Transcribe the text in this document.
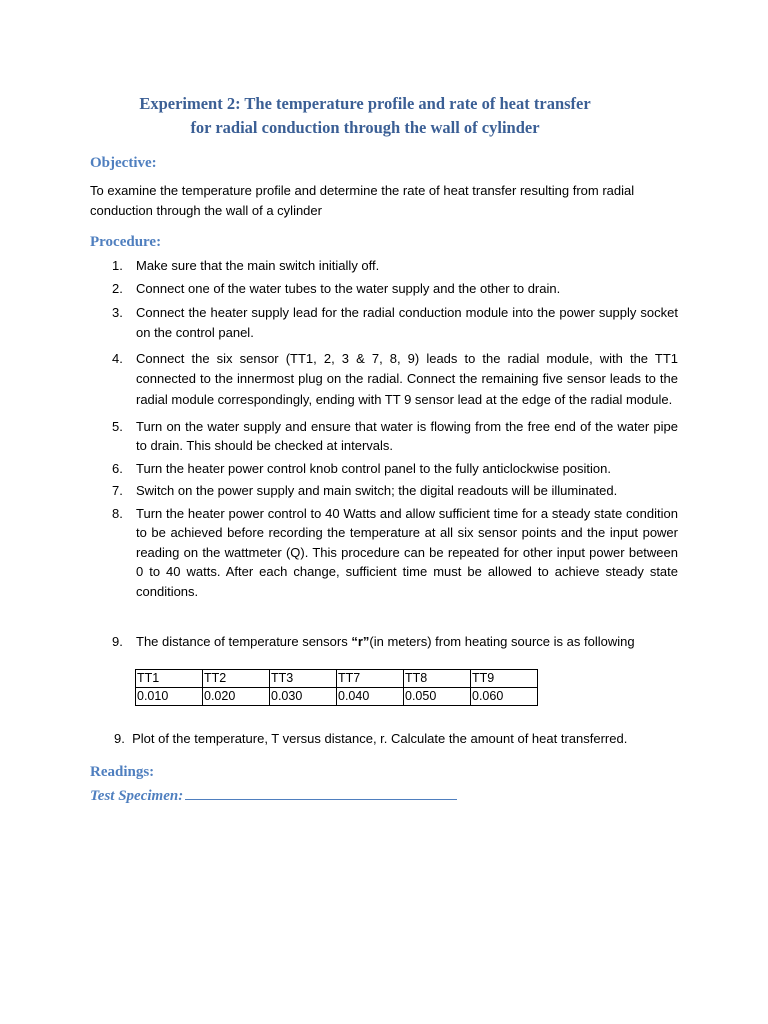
Experiment 2: The temperature profile and rate of heat transfer
for radial conduction through the wall of cylinder
Objective:
To examine the temperature profile and determine the rate of heat transfer resulting from radial conduction through the wall of a cylinder
Procedure:
1. Make sure that the main switch initially off.
2. Connect one of the water tubes to the water supply and the other to drain.
3. Connect the heater supply lead for the radial conduction module into the power supply socket on the control panel.
4. Connect the six sensor (TT1, 2, 3 & 7, 8, 9) leads to the radial module, with the TT1 connected to the innermost plug on the radial. Connect the remaining five sensor leads to the radial module correspondingly, ending with TT 9 sensor lead at the edge of the radial module.
5. Turn on the water supply and ensure that water is flowing from the free end of the water pipe to drain. This should be checked at intervals.
6. Turn the heater power control knob control panel to the fully anticlockwise position.
7. Switch on the power supply and main switch; the digital readouts will be illuminated.
8. Turn the heater power control to 40 Watts and allow sufficient time for a steady state condition to be achieved before recording the temperature at all six sensor points and the input power reading on the wattmeter (Q). This procedure can be repeated for other input power between 0 to 40 watts. After each change, sufficient time must be allowed to achieve steady state conditions.
9. The distance of temperature sensors “r”(in meters) from heating source is as following
TT1	TT2	TT3	TT7	TT8	TT9
0.010	0.020	0.030	0.040	0.050	0.060
9. Plot of the temperature, T versus distance, r. Calculate the amount of heat transferred.
Readings:
Test Specimen:
